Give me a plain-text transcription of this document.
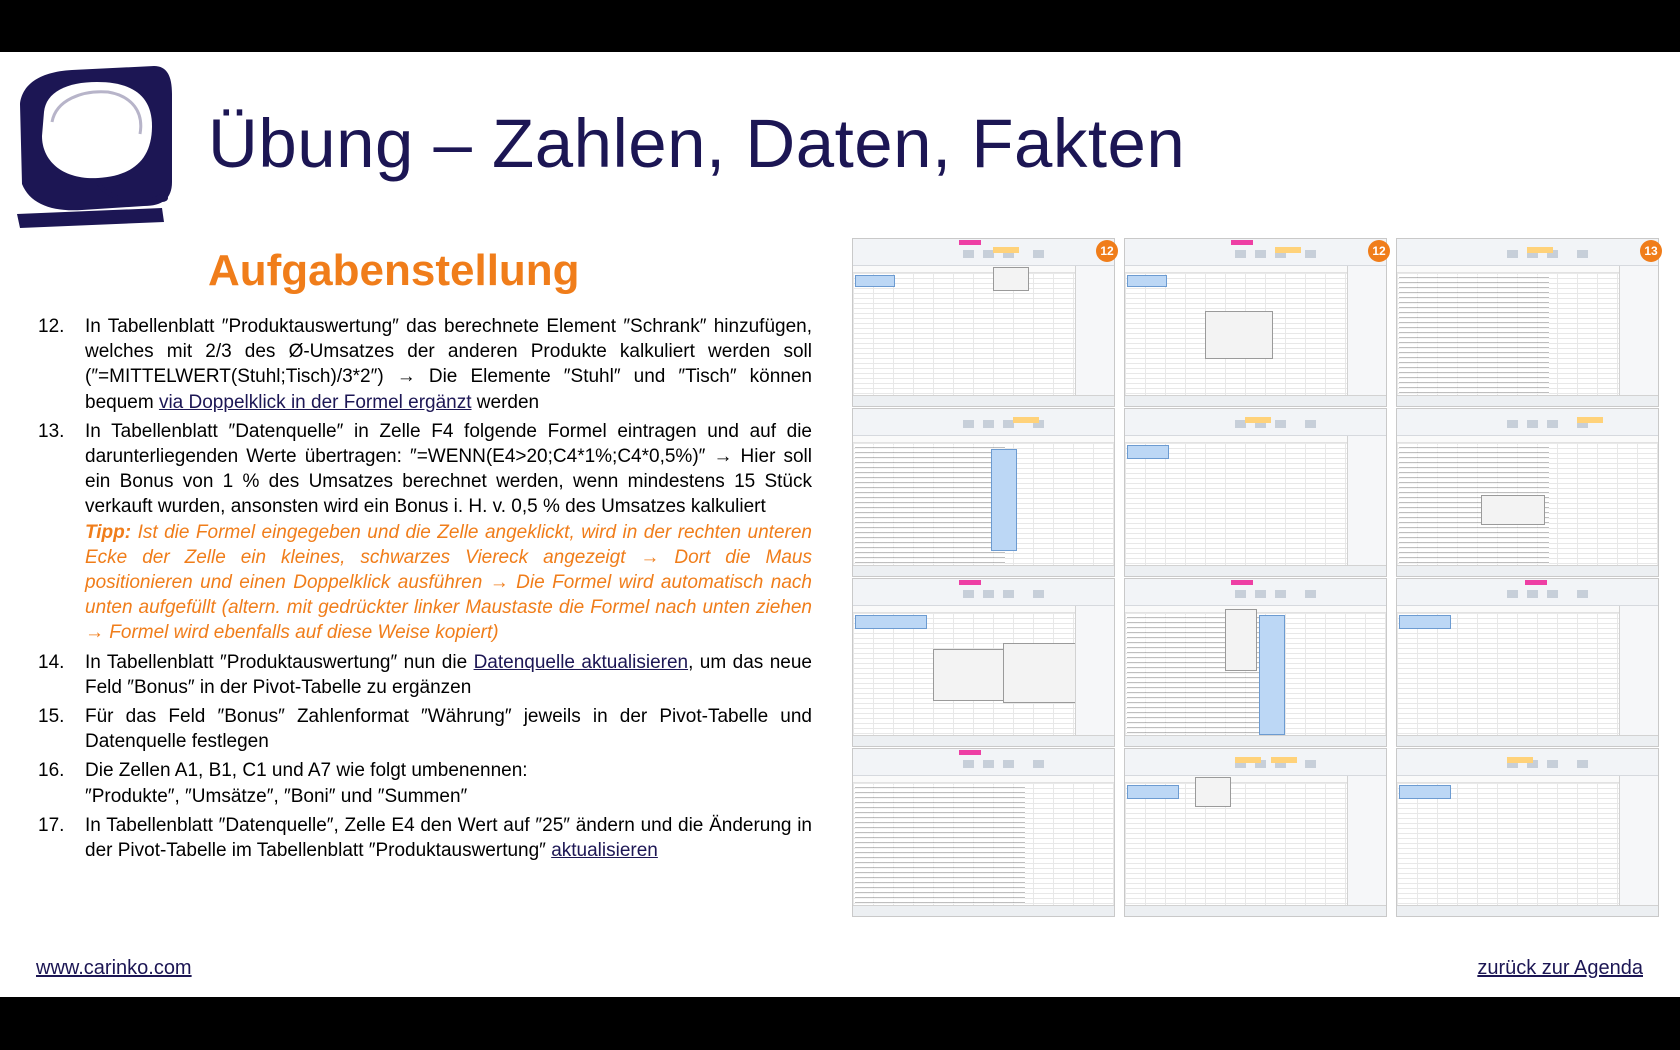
Übung – Zahlen, Daten, Fakten
Aufgabenstellung
12.	In Tabellenblatt ″Produktauswertung″ das berechnete Element ″Schrank″ hinzufügen, welches mit 2/3 des Ø-Umsatzes der anderen Produkte kalkuliert werden soll (″=MITTELWERT(Stuhl;Tisch)/3*2″) → Die Elemente ″Stuhl″ und ″Tisch″ können bequem via Doppelklick in der Formel ergänzt werden
13.	In Tabellenblatt ″Datenquelle″ in Zelle F4 folgende Formel eintragen und auf die darunterliegenden Werte übertragen: ″=WENN(E4>20;C4*1%;C4*0,5%)″ → Hier soll ein Bonus von 1 % des Umsatzes berechnet werden, wenn mindestens 15 Stück verkauft wurden, ansonsten wird ein Bonus i. H. v. 0,5 % des Umsatzes kalkuliert
Tipp: Ist die Formel eingegeben und die Zelle angeklickt, wird in der rechten unteren Ecke der Zelle ein kleines, schwarzes Viereck angezeigt → Dort die Maus positionieren und einen Doppelklick ausführen → Die Formel wird automatisch nach unten aufgefüllt (altern. mit gedrückter linker Maustaste die Formel nach unten ziehen → Formel wird ebenfalls auf diese Weise kopiert)
14.	In Tabellenblatt ″Produktauswertung″ nun die Datenquelle aktualisieren, um das neue Feld ″Bonus″ in der Pivot-Tabelle zu ergänzen
15.	Für das Feld ″Bonus″ Zahlenformat ″Währung″ jeweils in der Pivot-Tabelle und Datenquelle festlegen
16.	Die Zellen A1, B1, C1 und A7 wie folgt umbenennen:
″Produkte″, ″Umsätze″, ″Boni″ und ″Summen″
17.	In Tabellenblatt ″Datenquelle″, Zelle E4 den Wert auf ″25″ ändern und die Änderung in der Pivot-Tabelle im Tabellenblatt ″Produktauswertung″ aktualisieren
12	12	13
www.carinko.com	zurück zur Agenda
